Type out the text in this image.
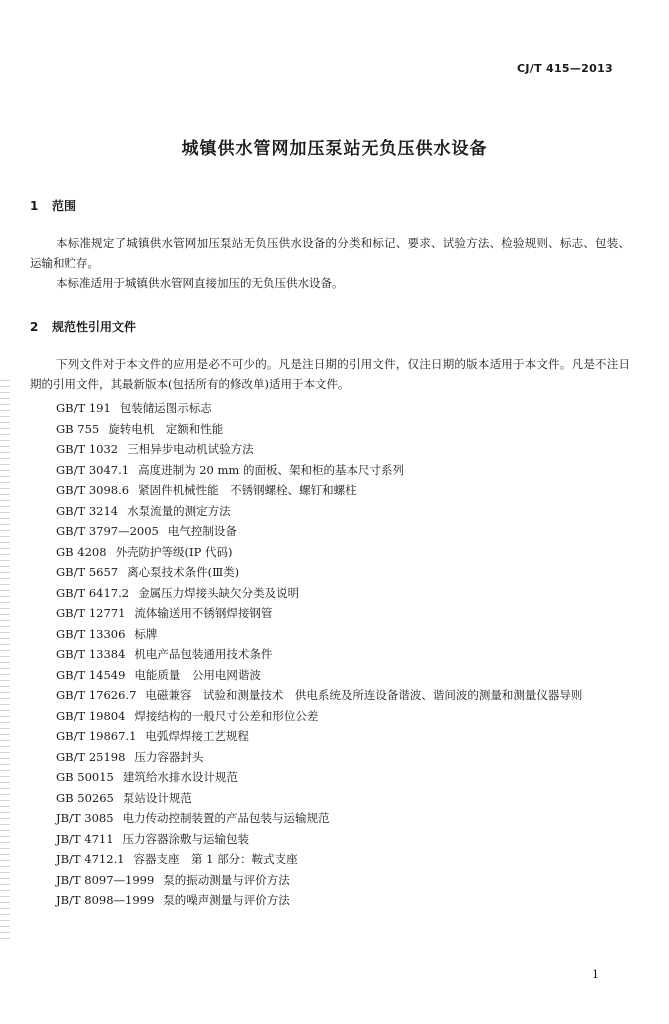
CJ/T 415—2013
城镇供水管网加压泵站无负压供水设备
1 范围
本标准规定了城镇供水管网加压泵站无负压供水设备的分类和标记、要求、试验方法、检验规则、标志、包装、运输和贮存。
本标准适用于城镇供水管网直接加压的无负压供水设备。
2 规范性引用文件
下列文件对于本文件的应用是必不可少的。凡是注日期的引用文件，仅注日期的版本适用于本文件。凡是不注日期的引用文件，其最新版本(包括所有的修改单)适用于本文件。
GB/T 191 包装储运图示标志
GB 755 旋转电机　定额和性能
GB/T 1032 三相异步电动机试验方法
GB/T 3047.1 高度进制为 20 mm 的面板、架和柜的基本尺寸系列
GB/T 3098.6 紧固件机械性能　不锈钢螺栓、螺钉和螺柱
GB/T 3214 水泵流量的测定方法
GB/T 3797—2005 电气控制设备
GB 4208 外壳防护等级(IP 代码)
GB/T 5657 离心泵技术条件(Ⅲ类)
GB/T 6417.2 金属压力焊接头缺欠分类及说明
GB/T 12771 流体输送用不锈钢焊接钢管
GB/T 13306 标牌
GB/T 13384 机电产品包装通用技术条件
GB/T 14549 电能质量　公用电网谐波
GB/T 17626.7 电磁兼容　试验和测量技术　供电系统及所连设备谐波、谐间波的测量和测量仪器导则
GB/T 19804 焊接结构的一般尺寸公差和形位公差
GB/T 19867.1 电弧焊焊接工艺规程
GB/T 25198 压力容器封头
GB 50015 建筑给水排水设计规范
GB 50265 泵站设计规范
JB/T 3085 电力传动控制装置的产品包装与运输规范
JB/T 4711 压力容器涂敷与运输包装
JB/T 4712.1 容器支座　第 1 部分：鞍式支座
JB/T 8097—1999 泵的振动测量与评价方法
JB/T 8098—1999 泵的噪声测量与评价方法
1
